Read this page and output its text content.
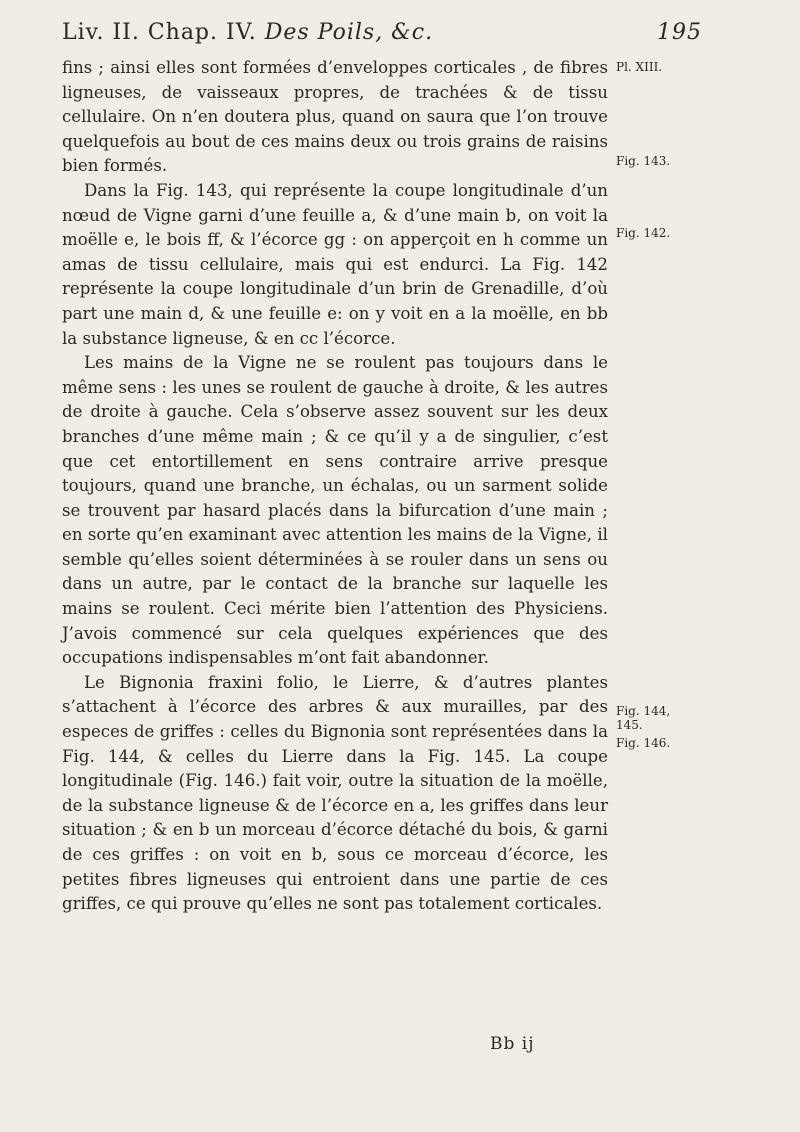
Liv. II. Chap. IV. Des Poils, &c.	195

fins ; ainsi elles sont formées d’enveloppes corticales , de fibres ligneuses, de vaisseaux propres, de trachées & de tissu cellulaire. On n’en doutera plus, quand on saura que l’on trouve quelquefois au bout de ces mains deux ou trois grains de raisins bien formés.

Dans la Fig. 143, qui représente la coupe longitudinale d’un nœud de Vigne garni d’une feuille a, & d’une main b, on voit la moëlle e, le bois ff, & l’écorce gg : on apperçoit en h comme un amas de tissu cellulaire, mais qui est endurci. La Fig. 142 représente la coupe longitudinale d’un brin de Grenadille, d’où part une main d, & une feuille e: on y voit en a la moëlle, en bb la substance ligneuse, & en cc l’écorce.

Les mains de la Vigne ne se roulent pas toujours dans le même sens : les unes se roulent de gauche à droite, & les autres de droite à gauche. Cela s’observe assez souvent sur les deux branches d’une même main ; & ce qu’il y a de singulier, c’est que cet entortillement en sens contraire arrive presque toujours, quand une branche, un échalas, ou un sarment solide se trouvent par hasard placés dans la bifurcation d’une main ; en sorte qu’en examinant avec attention les mains de la Vigne, il semble qu’elles soient déterminées à se rouler dans un sens ou dans un autre, par le contact de la branche sur laquelle les mains se roulent. Ceci mérite bien l’attention des Physiciens. J’avois commencé sur cela quelques expériences que des occupations indispensables m’ont fait abandonner.

Le Bignonia fraxini folio, le Lierre, & d’autres plantes s’attachent à l’écorce des arbres & aux murailles, par des especes de griffes : celles du Bignonia sont représentées dans la Fig. 144, & celles du Lierre dans la Fig. 145. La coupe longitudinale (Fig. 146.) fait voir, outre la situation de la moëlle, de la substance ligneuse & de l’écorce en a, les griffes dans leur situation ; & en b un morceau d’écorce détaché du bois, & garni de ces griffes : on voit en b, sous ce morceau d’écorce, les petites fibres ligneuses qui entroient dans une partie de ces griffes, ce qui prouve qu’elles ne sont pas totalement corticales.

Pl. XIII.
Fig. 143.
Fig. 142.
Fig. 144,
145.
Fig. 146.
Bb ij
